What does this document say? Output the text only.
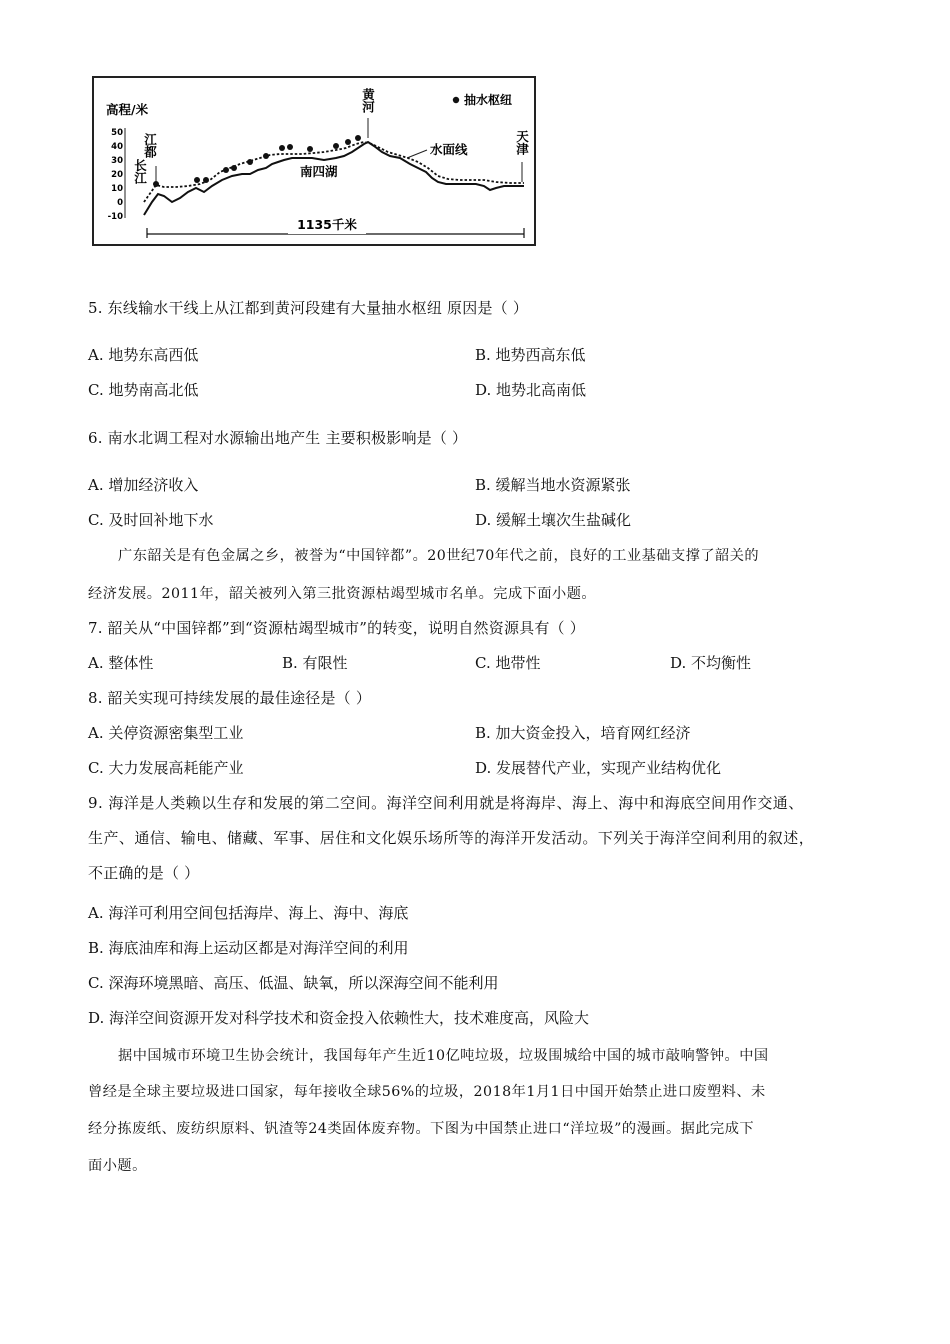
高程/米
50
40
30
20
10
0
-10
江都
长江
黄河
天津
抽水枢纽
水面线
南四湖
1135千米
5. 东线输水干线上从江都到黄河段建有大量抽水枢纽 原因是（ ）
A. 地势东高西低	B. 地势西高东低
C. 地势南高北低	D. 地势北高南低
6. 南水北调工程对水源输出地产生 主要积极影响是（ ）
A. 增加经济收入	B. 缓解当地水资源紧张
C. 及时回补地下水	D. 缓解土壤次生盐碱化
广东韶关是有色金属之乡，被誉为“中国锌都”。20世纪70年代之前，良好的工业基础支撑了韶关的
经济发展。2011年，韶关被列入第三批资源枯竭型城市名单。完成下面小题。
7. 韶关从“中国锌都”到“资源枯竭型城市”的转变，说明自然资源具有（ ）
A. 整体性	B. 有限性	C. 地带性	D. 不均衡性
8. 韶关实现可持续发展的最佳途径是（ ）
A. 关停资源密集型工业	B. 加大资金投入，培育网红经济
C. 大力发展高耗能产业	D. 发展替代产业，实现产业结构优化
9. 海洋是人类赖以生存和发展的第二空间。海洋空间利用就是将海岸、海上、海中和海底空间用作交通、
生产、通信、输电、储藏、军事、居住和文化娱乐场所等的海洋开发活动。下列关于海洋空间利用的叙述，
不正确的是（ ）
A. 海洋可利用空间包括海岸、海上、海中、海底
B. 海底油库和海上运动区都是对海洋空间的利用
C. 深海环境黑暗、高压、低温、缺氧，所以深海空间不能利用
D. 海洋空间资源开发对科学技术和资金投入依赖性大，技术难度高，风险大
据中国城市环境卫生协会统计，我国每年产生近10亿吨垃圾，垃圾围城给中国的城市敲响警钟。中国
曾经是全球主要垃圾进口国家，每年接收全球56%的垃圾，2018年1月1日中国开始禁止进口废塑料、未
经分拣废纸、废纺织原料、钒渣等24类固体废弃物。下图为中国禁止进口“洋垃圾”的漫画。据此完成下
面小题。
